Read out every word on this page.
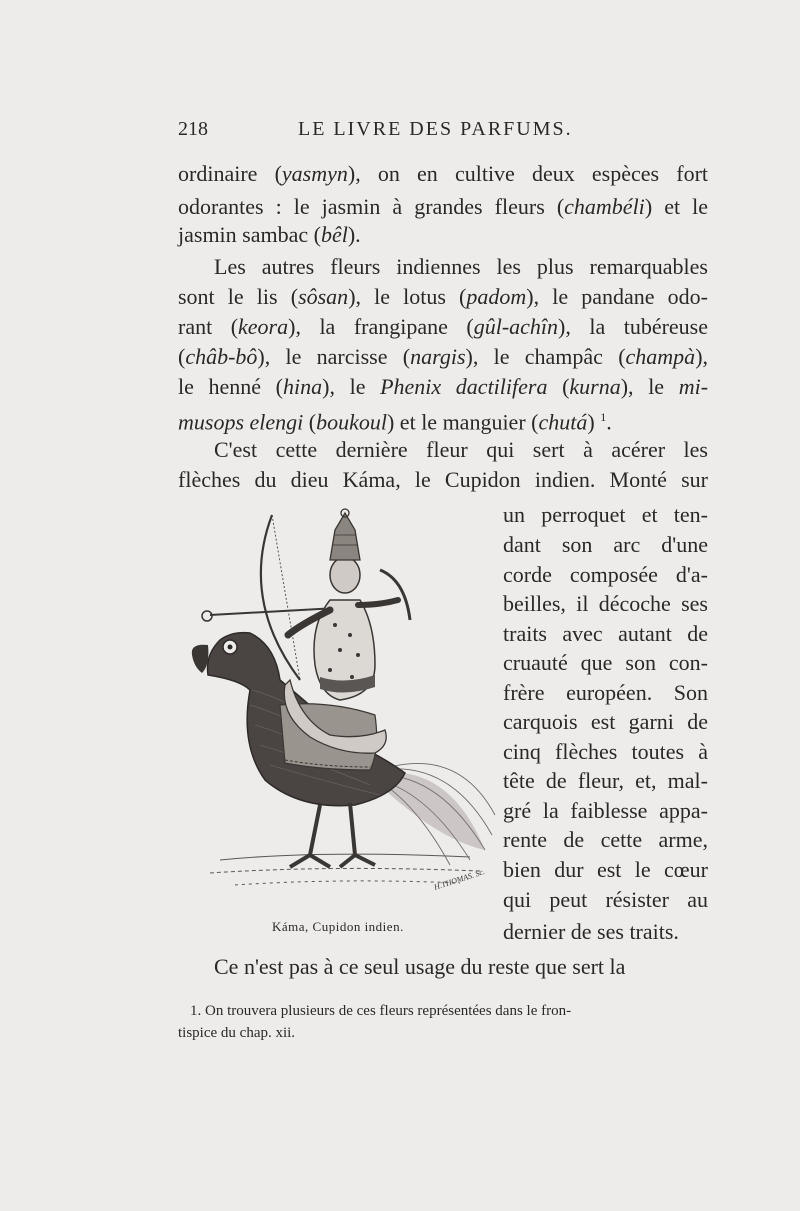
218	LE LIVRE DES PARFUMS.

ordinaire (yasmyn), on en cultive deux espèces fort

odorantes : le jasmin à grandes fleurs (chambéli) et le

jasmin sambac (bêl).

Les autres fleurs indiennes les plus remarquables

sont le lis (sôsan), le lotus (padom), le pandane odo-

rant (keora), la frangipane (gûl-achîn), la tubéreuse

(châb-bô), le narcisse (nargis), le champâc (champà),

le henné (hina), le Phenix dactilifera (kurna), le mi-

musops elengi (boukoul) et le manguier (chutá) $^1$.

C'est cette dernière fleur qui sert à acérer les

flèches du dieu Káma, le Cupidon indien. Monté sur

un perroquet et ten-

dant son arc d'une

corde composée d'a-

beilles, il décoche ses

traits avec autant de

cruauté que son con-

frère européen. Son

carquois est garni de

cinq flèches toutes à

tête de fleur, et, mal-

gré la faiblesse appa-

rente de cette arme,

bien dur est le cœur

qui peut résister au

dernier de ses traits.

H.THOMAS. Sc.
Káma, Cupidon indien.

Ce n'est pas à ce seul usage du reste que sert la

1. On trouvera plusieurs de ces fleurs représentées dans le fron-

tispice du chap. xii.
